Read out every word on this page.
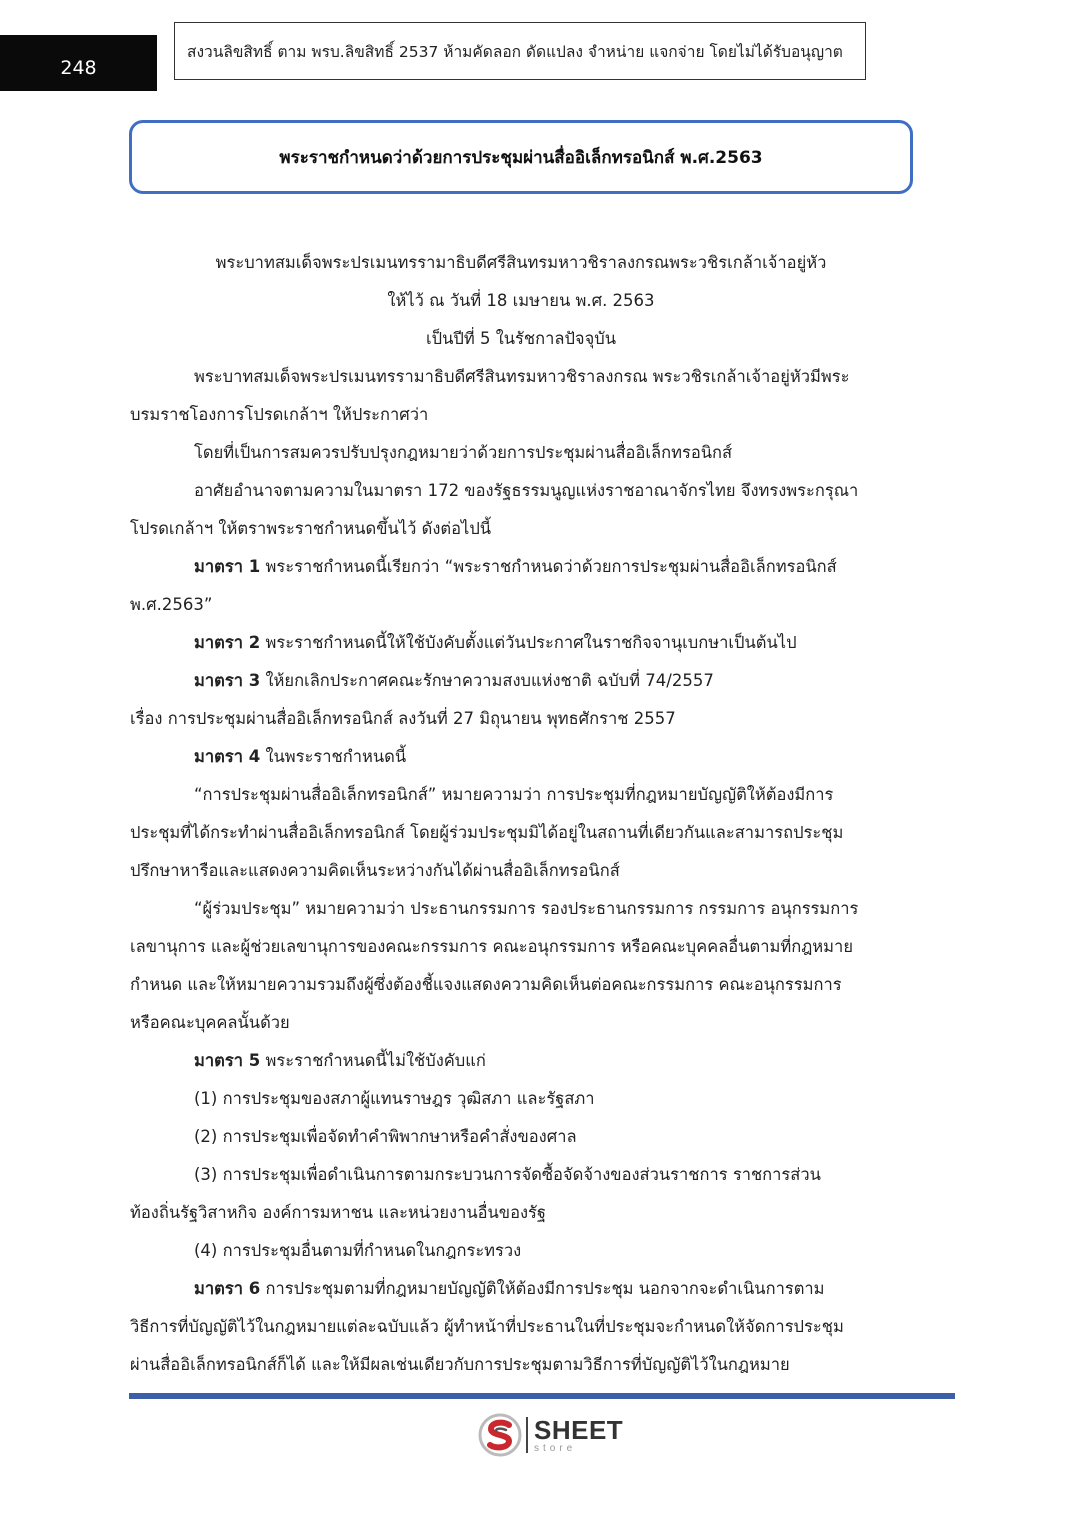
248
สงวนลิขสิทธิ์ ตาม พรบ.ลิขสิทธิ์ 2537 ห้ามคัดลอก ดัดแปลง จำหน่าย แจกจ่าย โดยไม่ได้รับอนุญาต
พระราชกำหนดว่าด้วยการประชุมผ่านสื่ออิเล็กทรอนิกส์ พ.ศ.2563
พระบาทสมเด็จพระปรเมนทรรามาธิบดีศรีสินทรมหาวชิราลงกรณพระวชิรเกล้าเจ้าอยู่หัว
ให้ไว้ ณ วันที่ 18 เมษายน พ.ศ. 2563
เป็นปีที่ 5 ในรัชกาลปัจจุบัน
พระบาทสมเด็จพระปรเมนทรรามาธิบดีศรีสินทรมหาวชิราลงกรณ พระวชิรเกล้าเจ้าอยู่หัวมีพระ
บรมราชโองการโปรดเกล้าฯ ให้ประกาศว่า
โดยที่เป็นการสมควรปรับปรุงกฎหมายว่าด้วยการประชุมผ่านสื่ออิเล็กทรอนิกส์
อาศัยอำนาจตามความในมาตรา 172 ของรัฐธรรมนูญแห่งราชอาณาจักรไทย จึงทรงพระกรุณา
โปรดเกล้าฯ ให้ตราพระราชกำหนดขึ้นไว้ ดังต่อไปนี้
มาตรา 1 พระราชกำหนดนี้เรียกว่า “พระราชกำหนดว่าด้วยการประชุมผ่านสื่ออิเล็กทรอนิกส์
พ.ศ.2563”
มาตรา 2 พระราชกำหนดนี้ให้ใช้บังคับตั้งแต่วันประกาศในราชกิจจานุเบกษาเป็นต้นไป
มาตรา 3 ให้ยกเลิกประกาศคณะรักษาความสงบแห่งชาติ ฉบับที่ 74/2557
เรื่อง การประชุมผ่านสื่ออิเล็กทรอนิกส์ ลงวันที่ 27 มิถุนายน พุทธศักราช 2557
มาตรา 4 ในพระราชกำหนดนี้
“การประชุมผ่านสื่ออิเล็กทรอนิกส์” หมายความว่า การประชุมที่กฎหมายบัญญัติให้ต้องมีการ
ประชุมที่ได้กระทำผ่านสื่ออิเล็กทรอนิกส์ โดยผู้ร่วมประชุมมิได้อยู่ในสถานที่เดียวกันและสามารถประชุม
ปรึกษาหารือและแสดงความคิดเห็นระหว่างกันได้ผ่านสื่ออิเล็กทรอนิกส์
“ผู้ร่วมประชุม” หมายความว่า ประธานกรรมการ รองประธานกรรมการ กรรมการ อนุกรรมการ
เลขานุการ และผู้ช่วยเลขานุการของคณะกรรมการ คณะอนุกรรมการ หรือคณะบุคคลอื่นตามที่กฎหมาย
กำหนด และให้หมายความรวมถึงผู้ซึ่งต้องชี้แจงแสดงความคิดเห็นต่อคณะกรรมการ คณะอนุกรรมการ
หรือคณะบุคคลนั้นด้วย
มาตรา 5 พระราชกำหนดนี้ไม่ใช้บังคับแก่
(1) การประชุมของสภาผู้แทนราษฎร วุฒิสภา และรัฐสภา
(2) การประชุมเพื่อจัดทำคำพิพากษาหรือคำสั่งของศาล
(3) การประชุมเพื่อดำเนินการตามกระบวนการจัดซื้อจัดจ้างของส่วนราชการ ราชการส่วน
ท้องถิ่นรัฐวิสาหกิจ องค์การมหาชน และหน่วยงานอื่นของรัฐ
(4) การประชุมอื่นตามที่กำหนดในกฎกระทรวง
มาตรา 6 การประชุมตามที่กฎหมายบัญญัติให้ต้องมีการประชุม นอกจากจะดำเนินการตาม
วิธีการที่บัญญัติไว้ในกฎหมายแต่ละฉบับแล้ว ผู้ทำหน้าที่ประธานในที่ประชุมจะกำหนดให้จัดการประชุม
ผ่านสื่ออิเล็กทรอนิกส์ก็ได้ และให้มีผลเช่นเดียวกับการประชุมตามวิธีการที่บัญญัติไว้ในกฎหมาย
SHEET
store
